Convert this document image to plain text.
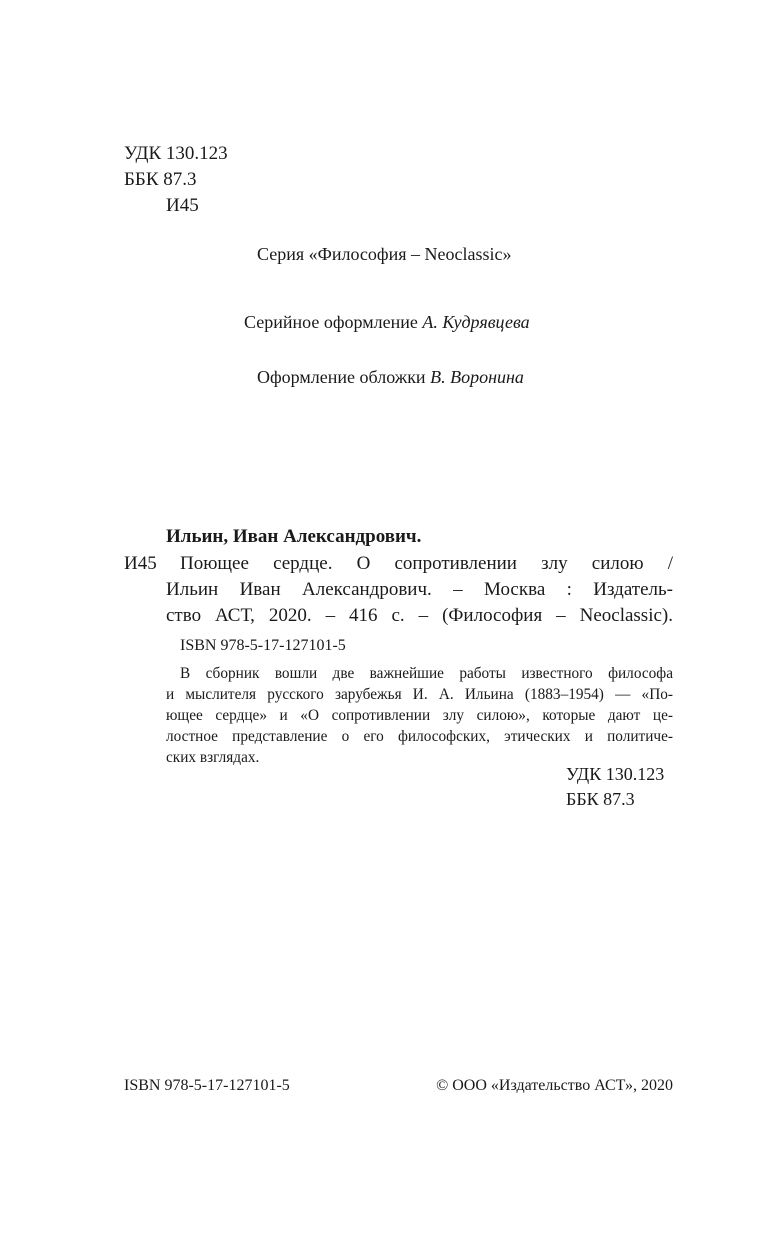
УДК 130.123
ББК 87.3
И45
Серия «Философия – Neoclassic»
Серийное оформление А. Кудрявцева
Оформление обложки В. Воронина
Ильин, Иван Александрович.
И45 Поющее сердце. О сопротивлении злу силою /
Ильин Иван Александрович. – Москва : Издатель-
ство АСТ, 2020. – 416 с. – (Философия – Neoclassic).
ISBN 978-5-17-127101-5
В сборник вошли две важнейшие работы известного философа
и мыслителя русского зарубежья И. А. Ильина (1883–1954) — «По-
ющее сердце» и «О сопротивлении злу силою», которые дают це-
лостное представление о его философских, этических и политиче-
ских взглядах.
УДК 130.123
ББК 87.3
ISBN 978-5-17-127101-5	© ООО «Издательство АСТ», 2020
